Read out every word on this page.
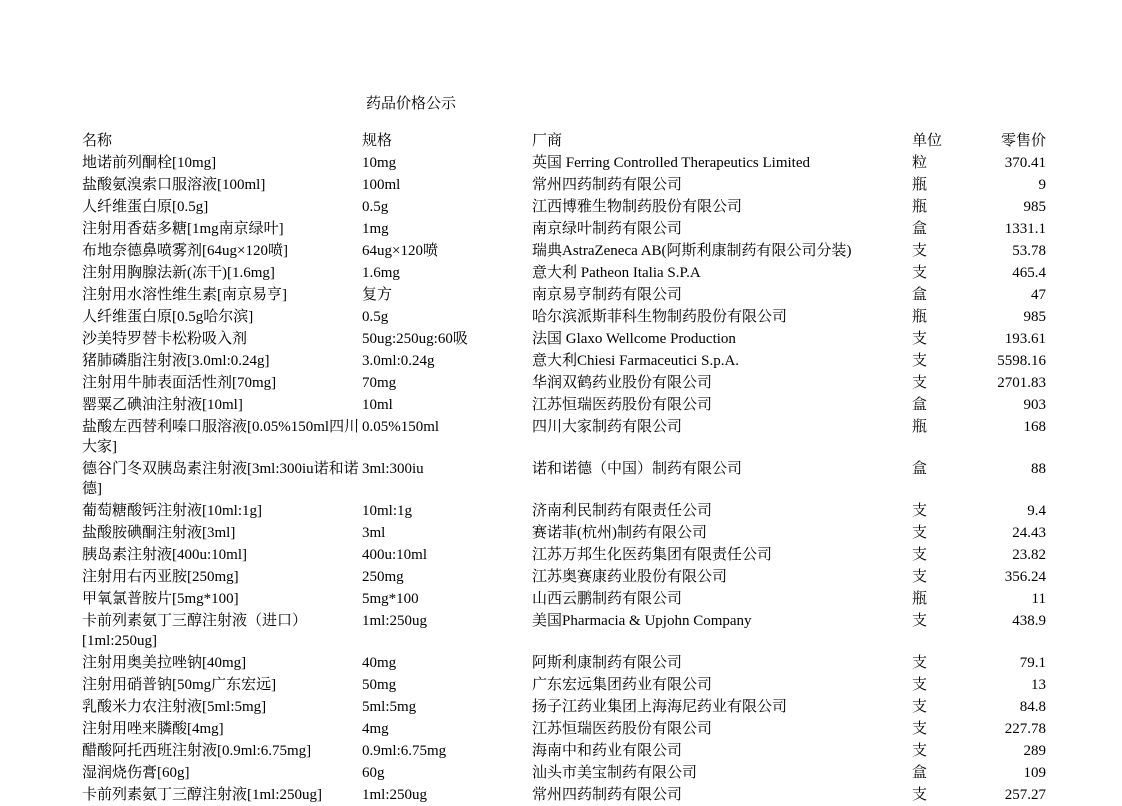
药品价格公示
名称	规格	厂商	单位	零售价
地诺前列酮栓[10mg]	10mg	英国 Ferring Controlled Therapeutics Limited	粒	370.41
盐酸氨溴索口服溶液[100ml]	100ml	常州四药制药有限公司	瓶	9
人纤维蛋白原[0.5g]	0.5g	江西博雅生物制药股份有限公司	瓶	985
注射用香菇多糖[1mg南京绿叶]	1mg	南京绿叶制药有限公司	盒	1331.1
布地奈德鼻喷雾剂[64ug×120喷]	64ug×120喷	瑞典AstraZeneca AB(阿斯利康制药有限公司分装)	支	53.78
注射用胸腺法新(冻干)[1.6mg]	1.6mg	意大利 Patheon Italia S.P.A	支	465.4
注射用水溶性维生素[南京易亨]	复方	南京易亨制药有限公司	盒	47
人纤维蛋白原[0.5g哈尔滨]	0.5g	哈尔滨派斯菲科生物制药股份有限公司	瓶	985
沙美特罗替卡松粉吸入剂	50ug:250ug:60吸	法国 Glaxo Wellcome Production	支	193.61
猪肺磷脂注射液[3.0ml:0.24g]	3.0ml:0.24g	意大利Chiesi Farmaceutici S.p.A.	支	5598.16
注射用牛肺表面活性剂[70mg]	70mg	华润双鹤药业股份有限公司	支	2701.83
罂粟乙碘油注射液[10ml]	10ml	江苏恒瑞医药股份有限公司	盒	903
盐酸左西替利嗪口服溶液[0.05%150ml四川大家]	0.05%150ml	四川大家制药有限公司	瓶	168
德谷门冬双胰岛素注射液[3ml:300iu诺和诺德]	3ml:300iu	诺和诺德（中国）制药有限公司	盒	88
葡萄糖酸钙注射液[10ml:1g]	10ml:1g	济南利民制药有限责任公司	支	9.4
盐酸胺碘酮注射液[3ml]	3ml	赛诺菲(杭州)制药有限公司	支	24.43
胰岛素注射液[400u:10ml]	400u:10ml	江苏万邦生化医药集团有限责任公司	支	23.82
注射用右丙亚胺[250mg]	250mg	江苏奥赛康药业股份有限公司	支	356.24
甲氧氯普胺片[5mg*100]	5mg*100	山西云鹏制药有限公司	瓶	11
卡前列素氨丁三醇注射液（进口）[1ml:250ug]	1ml:250ug	美国Pharmacia & Upjohn Company	支	438.9
注射用奥美拉唑钠[40mg]	40mg	阿斯利康制药有限公司	支	79.1
注射用硝普钠[50mg广东宏远]	50mg	广东宏远集团药业有限公司	支	13
乳酸米力农注射液[5ml:5mg]	5ml:5mg	扬子江药业集团上海海尼药业有限公司	支	84.8
注射用唑来膦酸[4mg]	4mg	江苏恒瑞医药股份有限公司	支	227.78
醋酸阿托西班注射液[0.9ml:6.75mg]	0.9ml:6.75mg	海南中和药业有限公司	支	289
湿润烧伤膏[60g]	60g	汕头市美宝制药有限公司	盒	109
卡前列素氨丁三醇注射液[1ml:250ug]	1ml:250ug	常州四药制药有限公司	支	257.27
